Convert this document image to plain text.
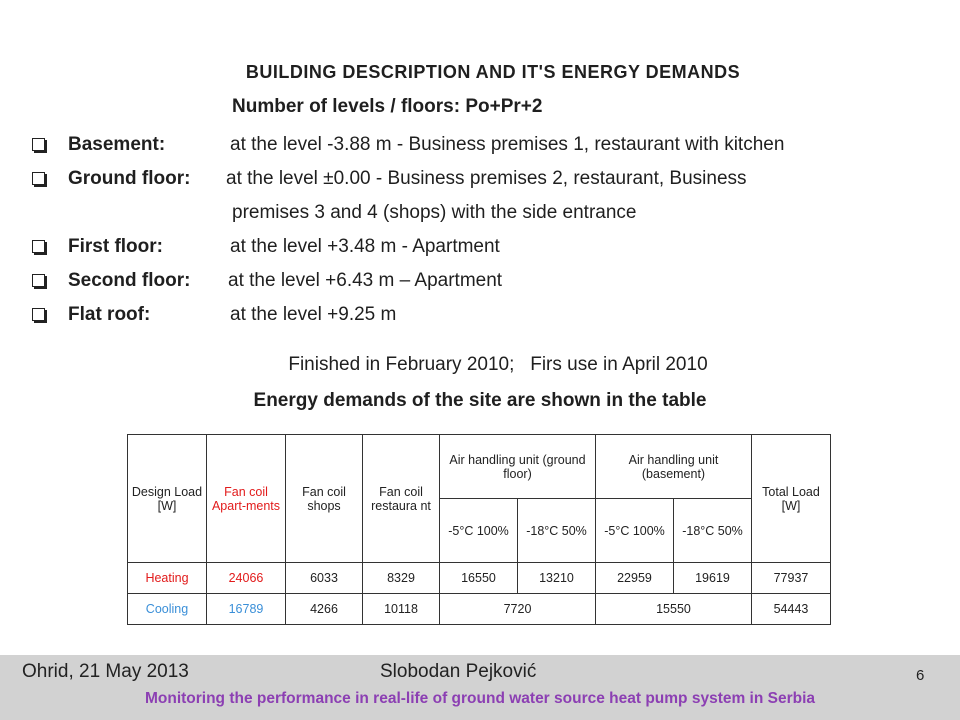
BUILDING DESCRIPTION AND IT'S ENERGY DEMANDS
Number of levels / floors: Po+Pr+2
Basement:	at the level -3.88 m - Business premises 1, restaurant with kitchen
Ground floor: at the level ±0.00 - Business premises 2, restaurant, Business
premises 3 and 4 (shops) with the side entrance
First floor:	at the level +3.48 m - Apartment
Second floor: at the level +6.43 m – Apartment
Flat roof:	at the level +9.25 m
Finished in February 2010;   Firs use in April 2010
Energy demands of the site are shown in the table
Design Load [W]	Fan coil Apart-ments	Fan coil shops	Fan coil restaura nt	Air handling unit (ground floor)		Air handling unit (basement)		Total Load [W]
				-5°C 100%	-18°C 50%	-5°C 100%	-18°C 50%	
Heating	24066	6033	8329	16550	13210	22959	19619	77937
Cooling	16789	4266	10118	7720		15550		54443
Ohrid, 21 May 2013	Slobodan Pejković	6
Monitoring the performance in real-life of ground water source heat pump system in Serbia
